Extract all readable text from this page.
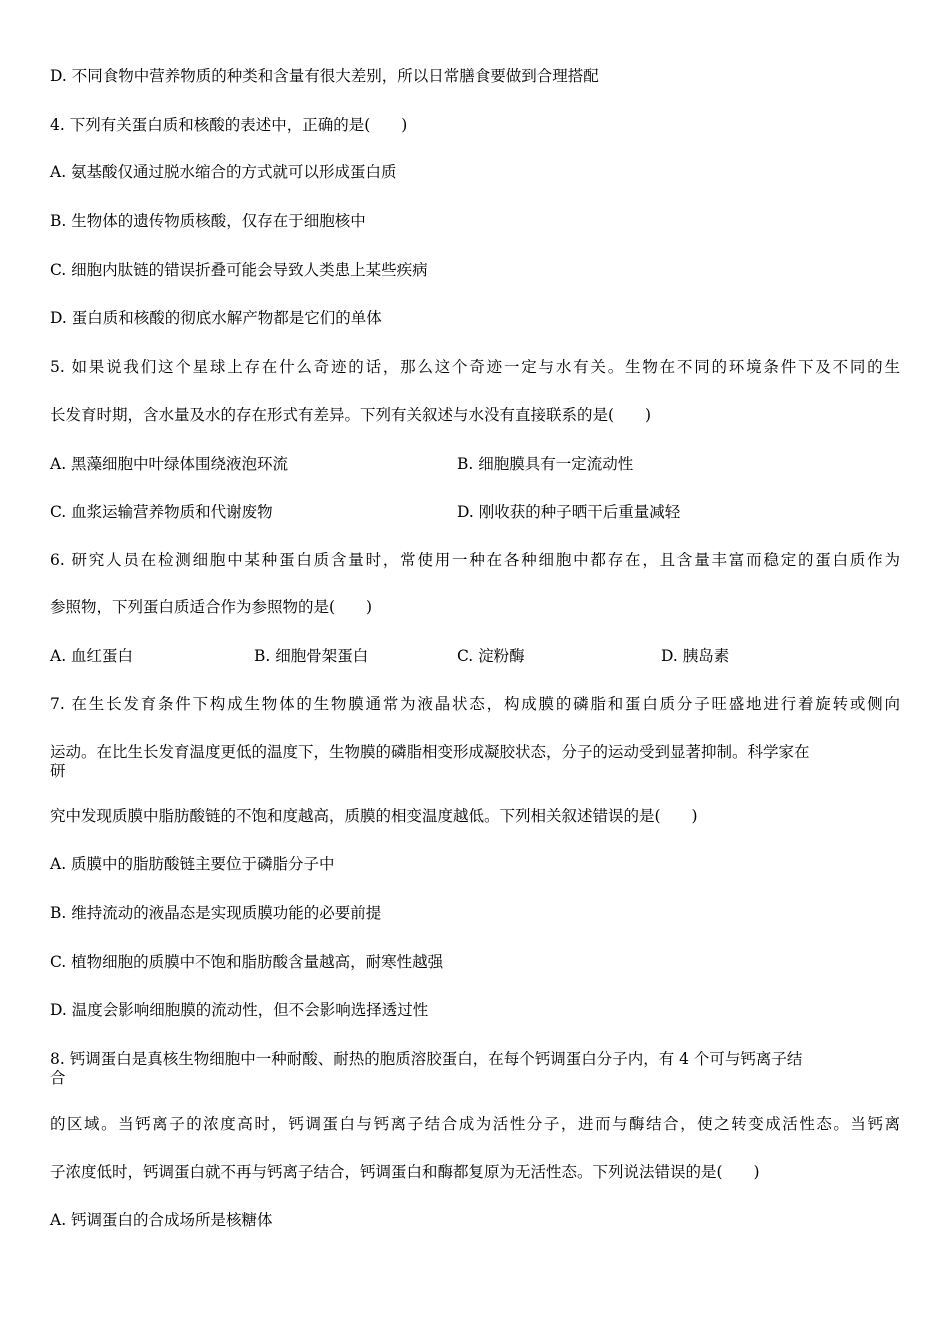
D. 不同食物中营养物质的种类和含量有很大差别，所以日常膳食要做到合理搭配
4. 下列有关蛋白质和核酸的表述中，正确的是(　　)
A. 氨基酸仅通过脱水缩合的方式就可以形成蛋白质
B. 生物体的遗传物质核酸，仅存在于细胞核中
C. 细胞内肽链的错误折叠可能会导致人类患上某些疾病
D. 蛋白质和核酸的彻底水解产物都是它们的单体
5. 如果说我们这个星球上存在什么奇迹的话，那么这个奇迹一定与水有关。生物在不同的环境条件下及不同的生
长发育时期，含水量及水的存在形式有差异。下列有关叙述与水没有直接联系的是(　　)
A. 黑藻细胞中叶绿体围绕液泡环流	B. 细胞膜具有一定流动性
C. 血浆运输营养物质和代谢废物	D. 刚收获的种子晒干后重量减轻
6. 研究人员在检测细胞中某种蛋白质含量时，常使用一种在各种细胞中都存在，且含量丰富而稳定的蛋白质作为
参照物，下列蛋白质适合作为参照物的是(　　)
A. 血红蛋白	B. 细胞骨架蛋白	C. 淀粉酶	D. 胰岛素
7. 在生长发育条件下构成生物体的生物膜通常为液晶状态，构成膜的磷脂和蛋白质分子旺盛地进行着旋转或侧向
运动。在比生长发育温度更低的温度下，生物膜的磷脂相变形成凝胶状态，分子的运动受到显著抑制。科学家在
研
究中发现质膜中脂肪酸链的不饱和度越高，质膜的相变温度越低。下列相关叙述错误的是(　　)
A. 质膜中的脂肪酸链主要位于磷脂分子中
B. 维持流动的液晶态是实现质膜功能的必要前提
C. 植物细胞的质膜中不饱和脂肪酸含量越高，耐寒性越强
D. 温度会影响细胞膜的流动性，但不会影响选择透过性
8. 钙调蛋白是真核生物细胞中一种耐酸、耐热的胞质溶胶蛋白，在每个钙调蛋白分子内，有 4 个可与钙离子结
合
的区域。当钙离子的浓度高时，钙调蛋白与钙离子结合成为活性分子，进而与酶结合，使之转变成活性态。当钙离
子浓度低时，钙调蛋白就不再与钙离子结合，钙调蛋白和酶都复原为无活性态。下列说法错误的是(　　)
A. 钙调蛋白的合成场所是核糖体
